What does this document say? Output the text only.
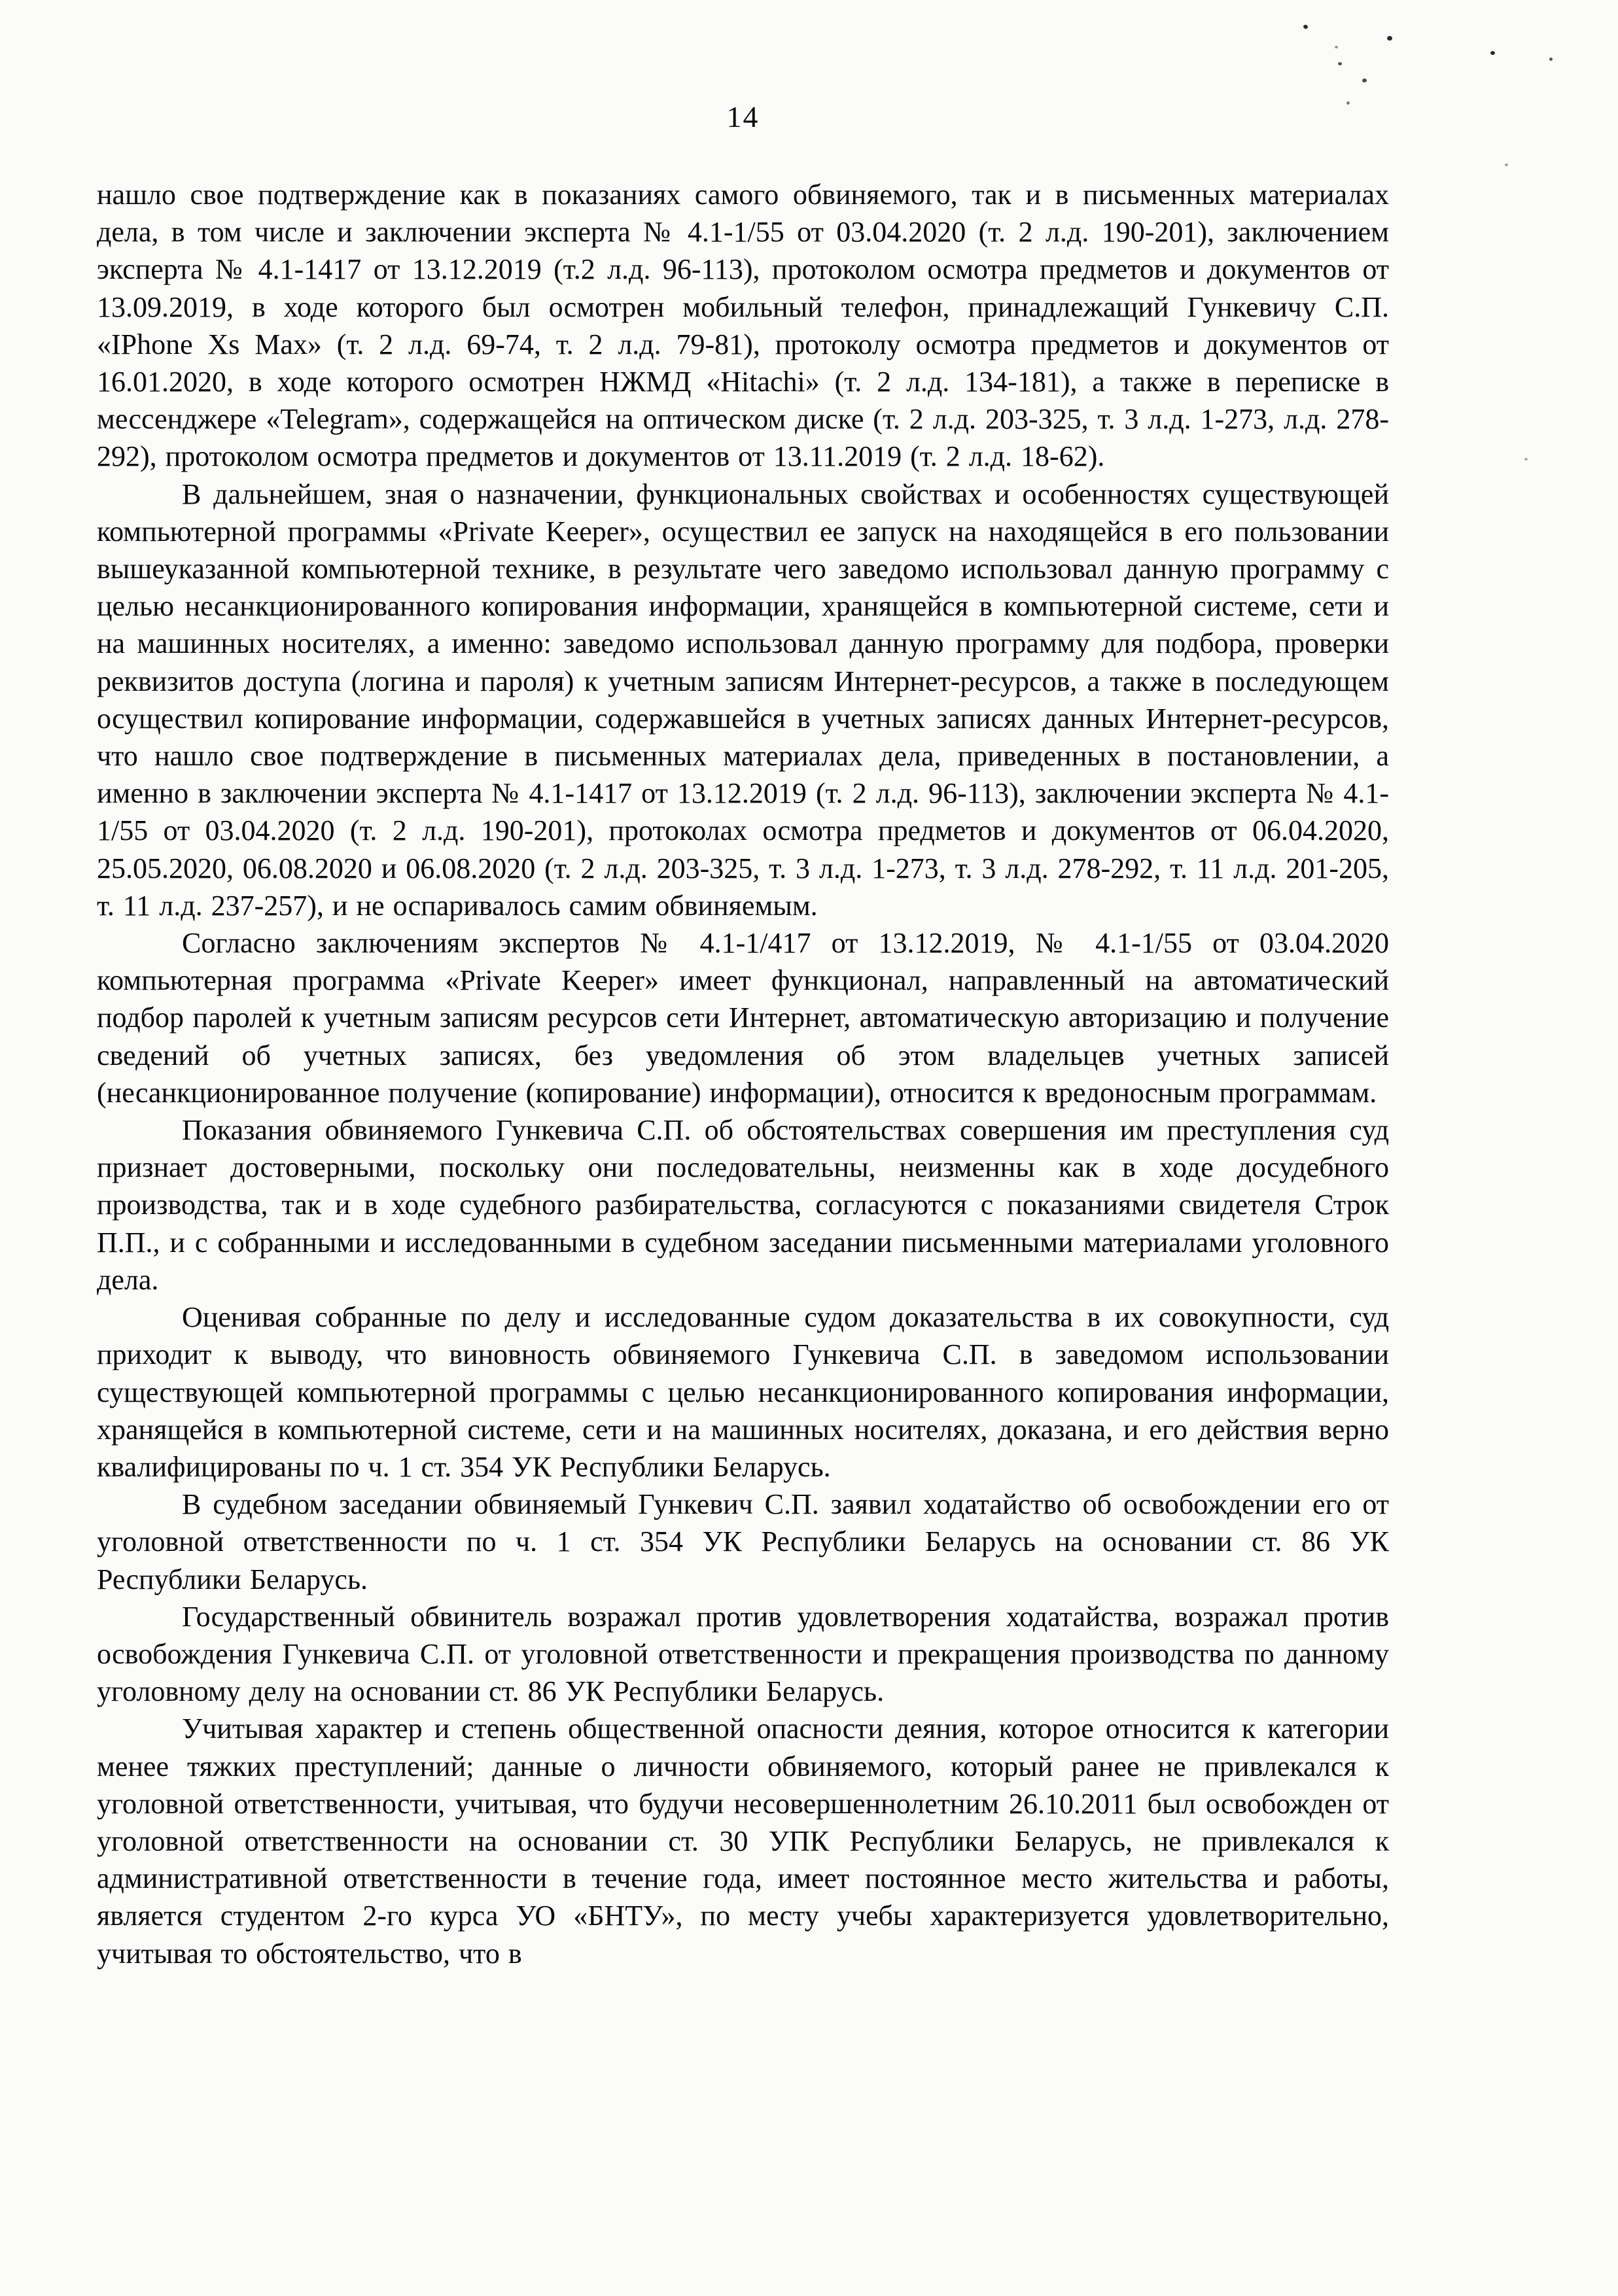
14

нашло свое подтверждение как в показаниях самого обвиняемого, так и в письменных материалах дела, в том числе и заключении эксперта № 4.1-1/55 от 03.04.2020 (т. 2 л.д. 190-201), заключением эксперта № 4.1-1417 от 13.12.2019 (т.2 л.д. 96-113), протоколом осмотра предметов и документов от 13.09.2019, в ходе которого был осмотрен мобильный телефон, принадлежащий Гункевичу С.П. «IPhone Xs Max» (т. 2 л.д. 69-74, т. 2 л.д. 79-81), протоколу осмотра предметов и документов от 16.01.2020, в ходе которого осмотрен НЖМД «Hitachi» (т. 2 л.д. 134-181), а также в переписке в мессенджере «Telegram», содержащейся на оптическом диске (т. 2 л.д. 203-325, т. 3 л.д. 1-273, л.д. 278-292), протоколом осмотра предметов и документов от 13.11.2019 (т. 2 л.д. 18-62).

В дальнейшем, зная о назначении, функциональных свойствах и особенностях существующей компьютерной программы «Private Keeper», осуществил ее запуск на находящейся в его пользовании вышеуказанной компьютерной технике, в результате чего заведомо использовал данную программу с целью несанкционированного копирования информации, хранящейся в компьютерной системе, сети и на машинных носителях, а именно: заведомо использовал данную программу для подбора, проверки реквизитов доступа (логина и пароля) к учетным записям Интернет-ресурсов, а также в последующем осуществил копирование информации, содержавшейся в учетных записях данных Интернет-ресурсов, что нашло свое подтверждение в письменных материалах дела, приведенных в постановлении, а именно в заключении эксперта № 4.1-1417 от 13.12.2019 (т. 2 л.д. 96-113), заключении эксперта № 4.1-1/55 от 03.04.2020 (т. 2 л.д. 190-201), протоколах осмотра предметов и документов от 06.04.2020, 25.05.2020, 06.08.2020 и 06.08.2020 (т. 2 л.д. 203-325, т. 3 л.д. 1-273, т. 3 л.д. 278-292, т. 11 л.д. 201-205, т. 11 л.д. 237-257), и не оспаривалось самим обвиняемым.

Согласно заключениям экспертов № 4.1-1/417 от 13.12.2019, № 4.1-1/55 от 03.04.2020 компьютерная программа «Private Keeper» имеет функционал, направленный на автоматический подбор паролей к учетным записям ресурсов сети Интернет, автоматическую авторизацию и получение сведений об учетных записях, без уведомления об этом владельцев учетных записей (несанкционированное получение (копирование) информации), относится к вредоносным программам.

Показания обвиняемого Гункевича С.П. об обстоятельствах совершения им преступления суд признает достоверными, поскольку они последовательны, неизменны как в ходе досудебного производства, так и в ходе судебного разбирательства, согласуются с показаниями свидетеля Строк П.П., и с собранными и исследованными в судебном заседании письменными материалами уголовного дела.

Оценивая собранные по делу и исследованные судом доказательства в их совокупности, суд приходит к выводу, что виновность обвиняемого Гункевича С.П. в заведомом использовании существующей компьютерной программы с целью несанкционированного копирования информации, хранящейся в компьютерной системе, сети и на машинных носителях, доказана, и его действия верно квалифицированы по ч. 1 ст. 354 УК Республики Беларусь.

В судебном заседании обвиняемый Гункевич С.П. заявил ходатайство об освобождении его от уголовной ответственности по ч. 1 ст. 354 УК Республики Беларусь на основании ст. 86 УК Республики Беларусь.

Государственный обвинитель возражал против удовлетворения ходатайства, возражал против освобождения Гункевича С.П. от уголовной ответственности и прекращения производства по данному уголовному делу на основании ст. 86 УК Республики Беларусь.

Учитывая характер и степень общественной опасности деяния, которое относится к категории менее тяжких преступлений; данные о личности обвиняемого, который ранее не привлекался к уголовной ответственности, учитывая, что будучи несовершеннолетним 26.10.2011 был освобожден от уголовной ответственности на основании ст. 30 УПК Республики Беларусь, не привлекался к административной ответственности в течение года, имеет постоянное место жительства и работы, является студентом 2-го курса УО «БНТУ», по месту учебы характеризуется удовлетворительно, учитывая то обстоятельство, что в
